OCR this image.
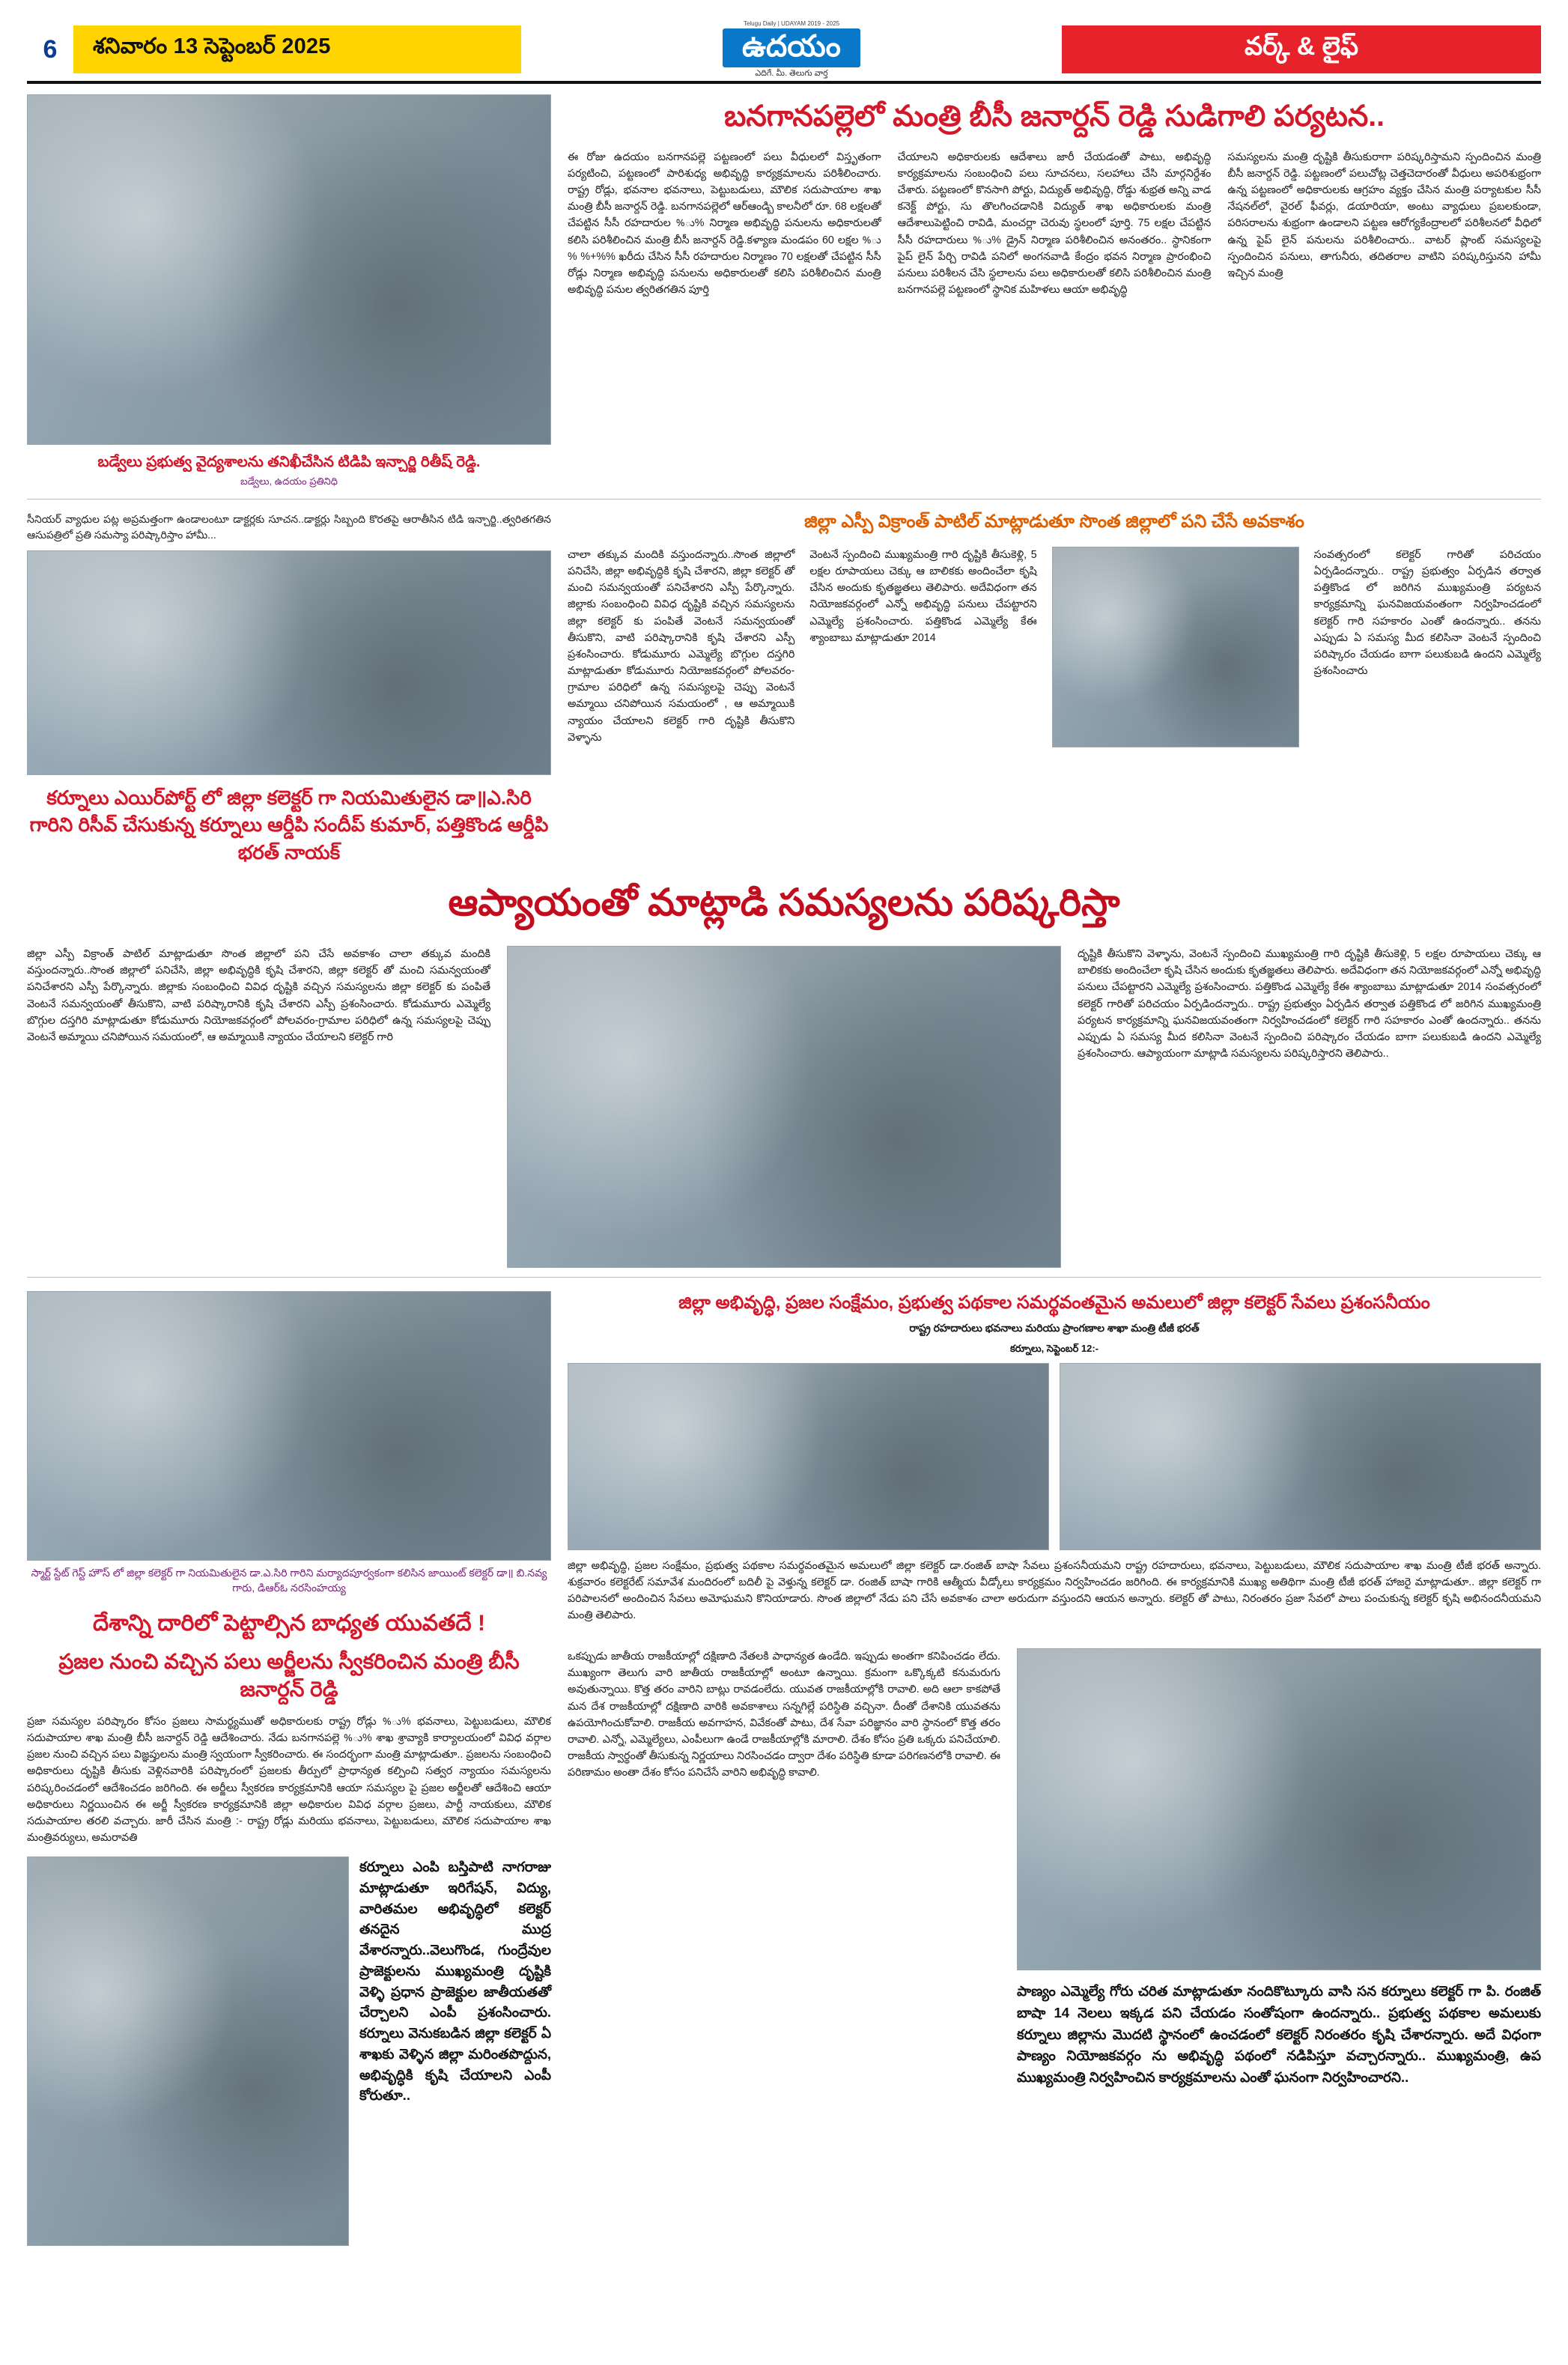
6	శనివారం 13 సెప్టెంబర్ 2025
Telugu Daily | UDAYAM 2019 - 2025
ఉదయం
ఎదిగే. మీ. తెలుగు వార్త
వర్క్ & లైఫ్
బడ్వేలు ప్రభుత్వ వైద్యశాలను తనిఖీచేసిన టిడిపి ఇన్చార్జి రితీష్ రెడ్డి.
బడ్వేలు, ఉదయం ప్రతినిధి
బనగానపల్లెలో మంత్రి బీసీ జనార్దన్ రెడ్డి సుడిగాలి పర్యటన..
ఈ రోజు ఉదయం బనగానపల్లె పట్టణంలో పలు వీధులలో విస్తృతంగా పర్యటించి, పట్టణంలో పారిశుధ్య అభివృద్ధి కార్యక్రమాలను పరిశీలించారు. రాష్ట్ర రోడ్లు, భవనాల భవనాలు, పెట్టుబడులు, మౌలిక సదుపాయాల శాఖ మంత్రి బీసీ జనార్దన్ రెడ్డి. బనగానపల్లెలో ఆర్ఆండ్బి కాలనీలో రూ. 68 లక్షలతో చేపట్టిన సీసీ రహదారుల ‌‌%ు‌‌% నిర్మాణ అభివృద్ధి పనులను అధికారులతో కలిసి పరిశీలించిన మంత్రి బీసీ జనార్దన్ రెడ్డి.కళ్యాణ మండపం 60 లక్షల ‌‌%ు‌‌% ‌‌%+%‌‌% ఖరీదు చేసిన సీసీ రహదారుల నిర్మాణం 70 లక్షలతో చేపట్టిన సీసీ రోడ్లు నిర్మాణ అభివృద్ధి పనులను అధికారులతో కలిసి పరిశీలించిన మంత్రి అభివృద్ధి పనుల త్వరితగతిన పూర్తి
చేయాలని అధికారులకు ఆదేశాలు జారీ చేయడంతో పాటు, అభివృద్ధి కార్యక్రమాలను సంబంధించి పలు సూచనలు, సలహాలు చేసి మార్గనిర్దేశం చేశారు. పట్టణంలో కొనసాగి పోర్టు, విద్యుత్ అభివృద్ధి, రోడ్డు శుభ్రత అన్ని వాడ కనెక్ట్ పోర్టు, స‌ు తొలగించడానికి విద్యుత్ శాఖ అధికారులకు మంత్రి ఆదేశాలుపెట్టించి రావిడి, మంచ‌ర్లా చెరువు స్థలంలో పూర్తి. 75 లక్షల చేపట్టిన సీసీ రహదారులు ‌‌%ు‌‌% డ్రైన్ నిర్మాణ పరిశీలించిన అనంతరం.. స్థానికంగా పైప్ లైన్ పేర్చి రావిడి పనిలో అంగనవాడి కేంద్రం భవన నిర్మాణ ప్రారంభించి పనులు పరిశీలన చేసి స్థలాలను పలు అధికారులతో కలిసి పరిశీలించిన మంత్రి బనగానపల్లె పట్టణంలో స్థానిక మహిళలు ఆయా అభివృద్ధి
సమస్యలను మంత్రి దృష్టికి తీసుకురాగా పరిష్కరిస్తామని స్పందించిన మంత్రి బీసీ జనార్దన్ రెడ్డి. పట్టణంలో పలుచోట్ల చెత్తచెదారంతో వీధులు అపరిశుభ్రంగా ఉన్న పట్టణంలో అధికారులకు ఆగ్రహం వ్యక్తం చేసిన మంత్రి పర్యాటకుల సీసీ నేషనల్‌లో, వైరల్ ఫీవర్లు, డయారియా, అంటు వ్యాధులు ప్రబలకుండా, పరిసరాలను శుభ్రంగా ఉండాలని పట్టణ ఆరోగ్యకేంద్రాలలో పరిశీలనలో వీధిలో ఉన్న పైప్ లైన్ పనులను పరిశీలించారు.. వాటర్ ప్లాంట్ సమస్యలపై స్పందించిన పనులు, తాగునీరు, తదితరాల వాటిని పరిష్కరిస్తునని హామీ ఇచ్చిన మంత్రి
సీనియర్ వ్యాధుల పట్ల అప్రమత్తంగా ఉండాలంటూ డాక్టర్లకు సూచన..డాక్టర్లు సిబ్బంది కొరతపై ఆరాతీసిన టిడి ఇన్చార్జి..త్వరితగతిన ఆసుపత్రిలో ప్రతి సమస్యా పరిష్కారిస్తాం హామీ...
కర్నూలు ఎయిర్‌పోర్ట్ లో జిల్లా కలెక్టర్ గా నియమితులైన డా॥ఎ.సిరి గారిని రిసీవ్ చేసుకున్న కర్నూలు ఆర్డీపి సందీప్ కుమార్, పత్తికొండ ఆర్డీపి భరత్ నాయక్
జిల్లా ఎస్పీ విక్రాంత్ పాటిల్ మాట్లాడుతూ సొంత జిల్లాలో పని చేసే అవకాశం
చాలా తక్కువ మందికి వస్తుందన్నారు..సొంత జిల్లాలో పనిచేసి, జిల్లా అభివృద్ధికి కృషి చేశారని, జిల్లా కలెక్టర్ తో మంచి సమన్వయంతో పనిచేశారని ఎస్పీ పేర్కొన్నారు. జిల్లాకు సంబంధించి వివిధ దృష్టికి వచ్చిన సమస్యలను జిల్లా కలెక్టర్ కు పంపితే వెంటనే సమన్వయంతో తీసుకొని, వాటి పరిష్కారానికి కృషి చేశారని ఎస్పీ ప్రశంసించారు. కోడుమూరు ఎమ్మెల్యే బొగ్గుల దస్తగిరి మాట్లాడుతూ కోడుమూరు నియోజకవర్గంలో పోలవరం-గ్రామాల పరిధిలో ఉన్న సమస్యలపై చెప్పు వెంటనే అమ్మాయి చనిపోయిన సమయంలో , ఆ అమ్మాయికి న్యాయం చేయాలని కలెక్టర్ గారి దృష్టికి తీసుకొని వెళ్ళాను
వెంటనే స్పందించి ముఖ్యమంత్రి గారి దృష్టికి తీసుకెళ్లి, 5 లక్షల రూపాయలు చెక్కు ఆ బాలికకు అందించేలా కృషి చేసిన అందుకు కృతజ్ఞతలు తెలిపారు. అదేవిధంగా తన నియోజకవర్గంలో ఎన్నో అభివృద్ధి పనులు చేపట్టారని ఎమ్మెల్యే ప్రశంసించారు. పత్తికొండ ఎమ్మెల్యే కేఈ శ్యాంబాబు మాట్లాడుతూ 2014
సంవత్సరంలో కలెక్టర్ గారితో పరిచయం ఏర్పడిందన్నారు.. రాష్ట్ర ప్రభుత్వం ఏర్పడిన తర్వాత పత్తికొండ లో జరిగిన ముఖ్యమంత్రి పర్యటన కార్యక్రమాన్ని ఘనవిజయవంతంగా నిర్వహించడంలో కలెక్టర్ గారి సహకారం ఎంతో ఉందన్నారు.. తనను ఎప్పుడు ఏ సమస్య మీద కలిసినా వెంటనే స్పందించి పరిష్కారం చేయడం బాగా పలుకుబడి ఉందని ఎమ్మెల్యే ప్రశంసించారు
ఆప్యాయంతో మాట్లాడి సమస్యలను పరిష్కరిస్తా
జిల్లా ఎస్పీ విక్రాంత్ పాటిల్ మాట్లాడుతూ సొంత జిల్లాలో పని చేసే అవకాశం చాలా తక్కువ మందికి వస్తుందన్నారు..సొంత జిల్లాలో పనిచేసి, జిల్లా అభివృద్ధికి కృషి చేశారని, జిల్లా కలెక్టర్ తో మంచి సమన్వయంతో పనిచేశారని ఎస్పీ పేర్కొన్నారు. జిల్లాకు సంబంధించి వివిధ దృష్టికి వచ్చిన సమస్యలను జిల్లా కలెక్టర్ కు పంపితే వెంటనే సమన్వయంతో తీసుకొని, వాటి పరిష్కారానికి కృషి చేశారని ఎస్పీ ప్రశంసించారు. కోడుమూరు ఎమ్మెల్యే బొగ్గుల దస్తగిరి మాట్లాడుతూ కోడుమూరు నియోజకవర్గంలో పోలవరం-గ్రామాల పరిధిలో ఉన్న సమస్యలపై చెప్పు వెంటనే అమ్మాయి చనిపోయిన సమయంలో, ఆ అమ్మాయికి న్యాయం చేయాలని కలెక్టర్ గారి
దృష్టికి తీసుకొని వెళ్ళాను, వెంటనే స్పందించి ముఖ్యమంత్రి గారి దృష్టికి తీసుకెళ్లి, 5 లక్షల రూపాయలు చెక్కు ఆ బాలికకు అందించేలా కృషి చేసిన అందుకు కృతజ్ఞతలు తెలిపారు. అదేవిధంగా తన నియోజకవర్గంలో ఎన్నో అభివృద్ధి పనులు చేపట్టారని ఎమ్మెల్యే ప్రశంసించారు. పత్తికొండ ఎమ్మెల్యే కేఈ శ్యాంబాబు మాట్లాడుతూ 2014 సంవత్సరంలో కలెక్టర్ గారితో పరిచయం ఏర్పడిందన్నారు.. రాష్ట్ర ప్రభుత్వం ఏర్పడిన తర్వాత పత్తికొండ లో జరిగిన ముఖ్యమంత్రి పర్యటన కార్యక్రమాన్ని ఘనవిజయవంతంగా నిర్వహించడంలో కలెక్టర్ గారి సహకారం ఎంతో ఉందన్నారు.. తనను ఎప్పుడు ఏ సమస్య మీద కలిసినా వెంటనే స్పందించి పరిష్కారం చేయడం బాగా పలుకుబడి ఉందని ఎమ్మెల్యే ప్రశంసించారు. ఆప్యాయంగా మాట్లాడి సమస్యలను పరిష్కరిస్తారని తెలిపారు..
స్మార్ట్ స్టేట్ గెస్ట్ హౌస్ లో జిల్లా కలెక్టర్ గా నియమితులైన డా.ఎ.సిరి గారిని మర్యాదపూర్వకంగా కలిసిన జాయింట్ కలెక్టర్ డా॥ బి.నవ్య గారు, డిఆర్ఓ నరసింహయ్య
దేశాన్ని దారిలో పెట్టాల్సిన బాధ్యత యువతదే !
జిల్లా అభివృద్ధి, ప్రజల సంక్షేమం, ప్రభుత్వ పథకాల సమర్థవంతమైన అమలులో జిల్లా కలెక్టర్ సేవలు ప్రశంసనీయం
రాష్ట్ర రహదారులు భవనాలు మరియు ప్రాంగణాల శాఖా మంత్రి టీజీ భరత్
కర్నూలు, సెప్టెంబర్ 12:-
జిల్లా అభివృద్ధి, ప్రజల సంక్షేమం, ప్రభుత్వ పథకాల సమర్థవంతమైన అమలులో జిల్లా కలెక్టర్ డా.రంజిత్ బాషా సేవలు ప్రశంసనీయమని రాష్ట్ర రహదారులు, భవనాలు, పెట్టుబడులు, మౌలిక సదుపాయాల శాఖ మంత్రి టీజీ భరత్ అన్నారు. శుక్రవారం కలెక్టరేట్ సమావేశ మందిరంలో బదిలీ పై వెళ్తున్న కలెక్టర్ డా. రంజిత్ బాషా గారికి ఆత్మీయ వీడ్కోలు కార్యక్రమం నిర్వహించడం జరిగింది. ఈ కార్యక్రమానికి ముఖ్య అతిథిగా మంత్రి టీజీ భరత్ హాజరై మాట్లాడుతూ.. జిల్లా కలెక్టర్ గా పరిపాలనలో అందించిన సేవలు అమోఘమని కొనియాడారు. సొంత జిల్లాలో నేడు పని చేసే అవకాశం చాలా అరుదుగా వస్తుందని ఆయన అన్నారు. కలెక్టర్ తో పాటు, నిరంతరం ప్రజా సేవలో పాలు పంచుకున్న కలెక్టర్ కృషి అభినందనీయమని మంత్రి తెలిపారు.
ప్రజల నుంచి వచ్చిన పలు అర్జీలను స్వీకరించిన మంత్రి బీసీ జనార్దన్ రెడ్డి
ప్రజా సమస్యల పరిష్కారం కోసం ప్రజలు సామర్థ్యముతో అధికారులకు రాష్ట్ర రోడ్లు ‌‌%ు‌‌% భవనాలు, పెట్టుబడులు, మౌలిక సదుపాయాల శాఖ మంత్రి బీసీ జనార్దన్ రెడ్డి ఆదేశించారు. నేడు బనగానపల్లె ‌‌%ు‌‌% శాఖ శ్రావ్యాకి కార్యాలయంలో వివిధ వర్గాల ప్రజల నుంచి వచ్చిన పలు విజ్ఞప్తులను మంత్రి స్వయంగా స్వీకరించారు. ఈ సందర్భంగా మంత్రి మాట్లాడుతూ.. ప్రజలను సంబంధించి అధికారులు దృష్టికి తీసుకు వెళ్లినవారికి పరిష్కారంలో ప్రజలకు తీర్పులో ప్రాధాన్యత కల్పించి సత్వర న్యాయం సమస్యలను పరిష్కరించడంలో ఆదేశించడం జరిగింది. ఈ అర్జీలు స్వీకరణ కార్యక్రమానికి ఆయా సమస్యల పై ప్రజల అర్జీలతో ఆదేశించి ఆయా అధికారులు నిర్ణయించిన ఈ అర్జీ స్వీకరణ కార్యక్రమానికి జిల్లా అధికారుల వివిధ వర్గాల ప్రజలు, పార్టీ నాయకులు, మౌలిక సదుపాయాల తరలి వచ్చారు. జారీ చేసిన మంత్రి :- రాష్ట్ర రోడ్లు మరియు భవనాలు, పెట్టుబడులు, మౌలిక సదుపాయాల శాఖ మంత్రివర్యులు, అమరావతి
కర్నూలు ఎంపి బస్తిపాటి నాగరాజు మాట్లాడుతూ ఇరిగేషన్, విద్యు, వారితమల అభివృద్ధిలో కలెక్టర్ తనదైన ముద్ర వేశారన్నారు..వెలుగొండ, గుంద్రేవుల ప్రాజెక్టులను ముఖ్యమంత్రి దృష్టికి వెళ్ళి ప్రధాన ప్రాజెక్టుల జాతీయతతో చేర్చాలని ఎంపీ ప్రశంసించారు. కర్నూలు వెనుకబడిన జిల్లా కలెక్టర్ ఏ శాఖకు వెళ్ళిన జిల్లా మరింతపొద్దున, అభివృద్ధికి కృషి చేయాలని ఎంపీ కోరుతూ..
ఒకప్పుడు జాతీయ రాజకీయాల్లో దక్షిణాది నేతలకి పాధాన్యత ఉండేది. ఇప్పుడు అంతగా కనిపించడం లేదు. ముఖ్యంగా తెలుగు వారి జాతీయ రాజకీయాల్లో అంటూ ఉన్నాయి. క్రమంగా ఒక్కొక్కటి కనుమరుగు అవుతున్నాయి. కొత్త తరం వారిని బాట్లు రావడంలేదు. యువత రాజకీయాల్లోకి రావాలి. అది ఆలా కాకపోతే మన దేశ రాజకీయాల్లో దక్షిణాది వారికి అవకాశాలు సన్నగిల్లే పరిస్థితి వచ్చినా. దీంతో దేశానికి యువతను ఉపయోగించుకోవాలి. రాజకీయ అవగాహన, వివేకంతో పాటు, దేశ సేవా పరిజ్ఞానం వారి స్థానంలో కొత్త తరం రావాలి. ఎన్నో, ఎమ్మెల్యేలు, ఎంపీలుగా ఉండే రాజకీయాల్లోకి మారాలి. దేశం కోసం ప్రతి ఒక్కరు పనిచేయాలి. రాజకీయ స్వార్థంతో తీసుకున్న నిర్ణయాలు నిరసించడం ద్వారా దేశం పరిస్థితి కూడా పరిగణనలోకి రావాలి. ఈ పరిణామం అంతా దేశం కోసం పనిచేసే వారిని అభివృద్ధి కావాలి.
పాణ్యం ఎమ్మెల్యే గోరు చరిత మాట్లాడుతూ నందికొట్కూరు వాసి సన కర్నూలు కలెక్టర్ గా పి. రంజిత్ బాషా 14 నెలలు ఇక్కడ పని చేయడం సంతోషంగా ఉందన్నారు.. ప్రభుత్వ పథకాల అమలుకు కర్నూలు జిల్లాను మొదటి స్థానంలో ఉంచడంలో కలెక్టర్ నిరంతరం కృషి చేశారన్నారు. అదే విధంగా పాణ్యం నియోజకవర్గం ను అభివృద్ధి పథంలో నడిపిస్తూ వచ్చారన్నారు.. ముఖ్యమంత్రి, ఉప ముఖ్యమంత్రి నిర్వహించిన కార్యక్రమాలను ఎంతో ఘనంగా నిర్వహించారని..
